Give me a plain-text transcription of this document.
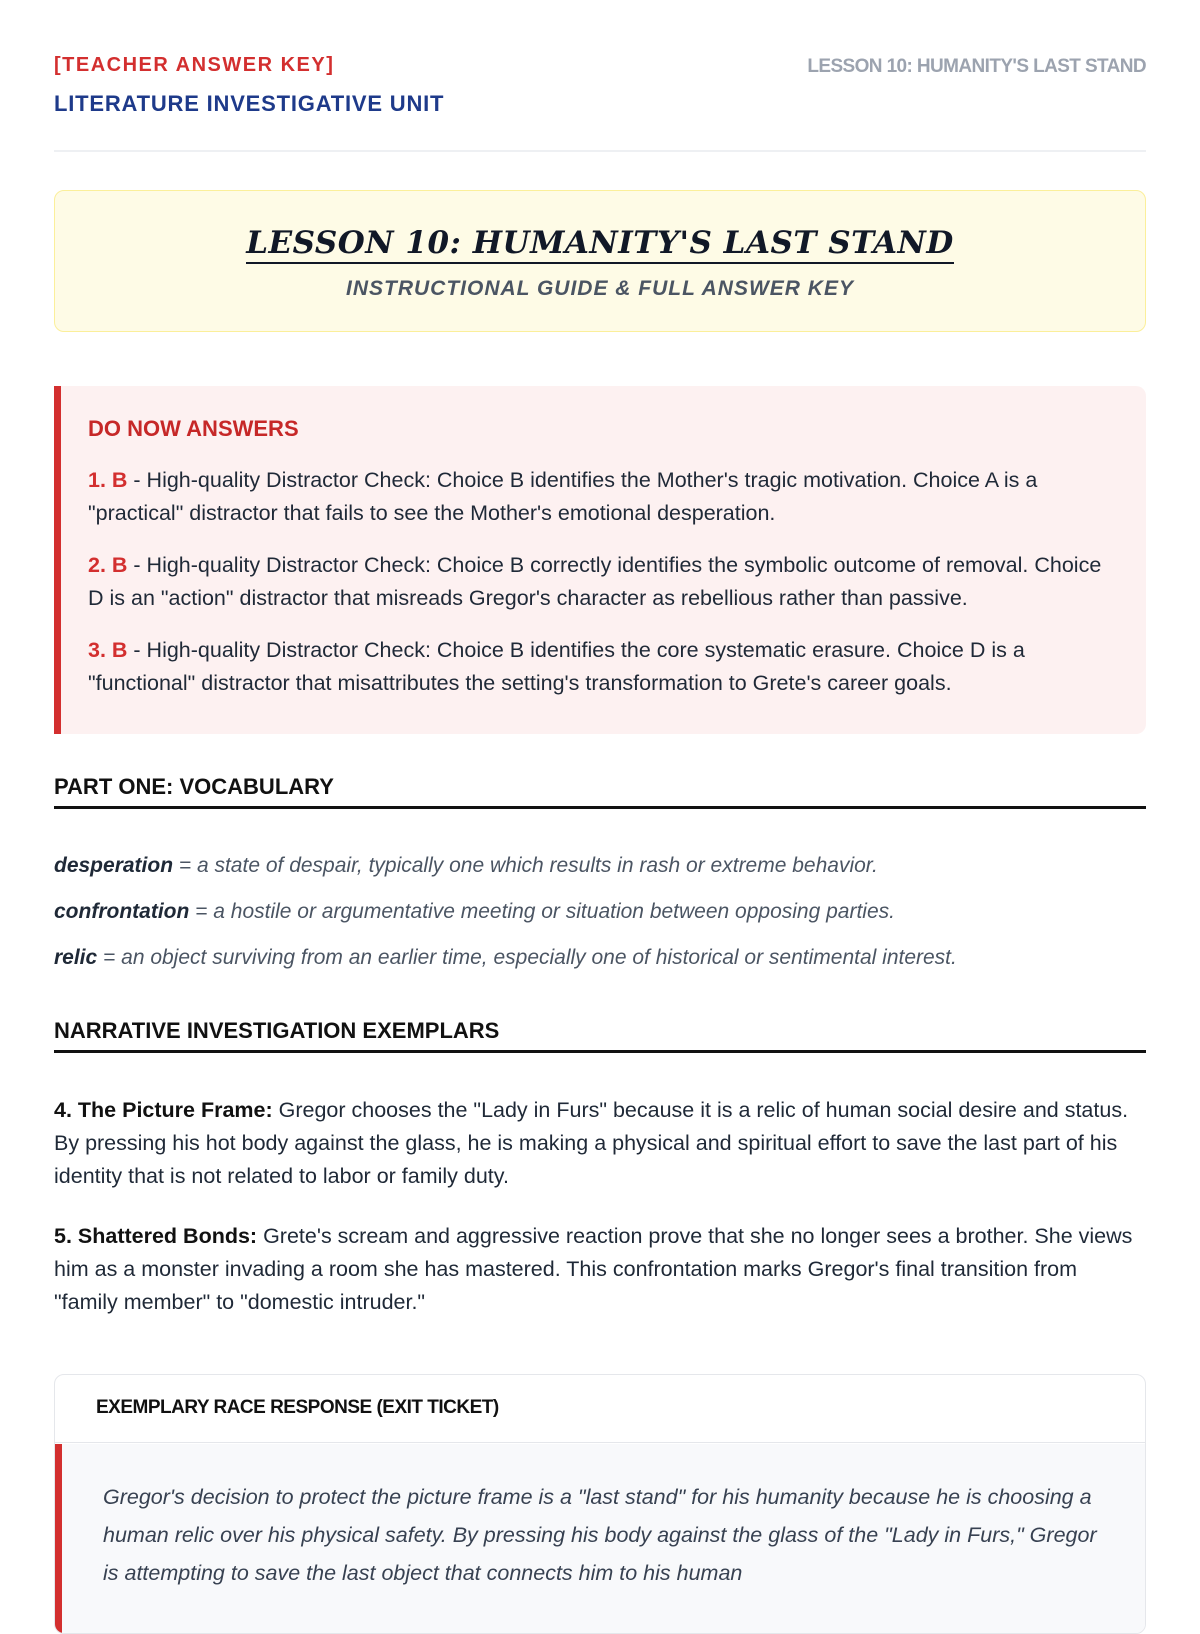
[TEACHER ANSWER KEY]
LITERATURE INVESTIGATIVE UNIT
LESSON 10: HUMANITY'S LAST STAND
LESSON 10: HUMANITY'S LAST STAND
INSTRUCTIONAL GUIDE & FULL ANSWER KEY
DO NOW ANSWERS

1. B - High-quality Distractor Check: Choice B identifies the Mother's tragic motivation. Choice A is a "practical" distractor that fails to see the Mother's emotional desperation.

2. B - High-quality Distractor Check: Choice B correctly identifies the symbolic outcome of removal. Choice D is an "action" distractor that misreads Gregor's character as rebellious rather than passive.

3. B - High-quality Distractor Check: Choice B identifies the core systematic erasure. Choice D is a "functional" distractor that misattributes the setting's transformation to Grete's career goals.

PART ONE: VOCABULARY

desperation = a state of despair, typically one which results in rash or extreme behavior.

confrontation = a hostile or argumentative meeting or situation between opposing parties.

relic = an object surviving from an earlier time, especially one of historical or sentimental interest.

NARRATIVE INVESTIGATION EXEMPLARS

4. The Picture Frame: Gregor chooses the "Lady in Furs" because it is a relic of human social desire and status. By pressing his hot body against the glass, he is making a physical and spiritual effort to save the last part of his identity that is not related to labor or family duty.

5. Shattered Bonds: Grete's scream and aggressive reaction prove that she no longer sees a brother. She views him as a monster invading a room she has mastered. This confrontation marks Gregor's final transition from "family member" to "domestic intruder."

EXEMPLARY RACE RESPONSE (EXIT TICKET)

Gregor's decision to protect the picture frame is a "last stand" for his humanity because he is choosing a human relic over his physical safety. By pressing his body against the glass of the "Lady in Furs," Gregor is attempting to save the last object that connects him to his human
